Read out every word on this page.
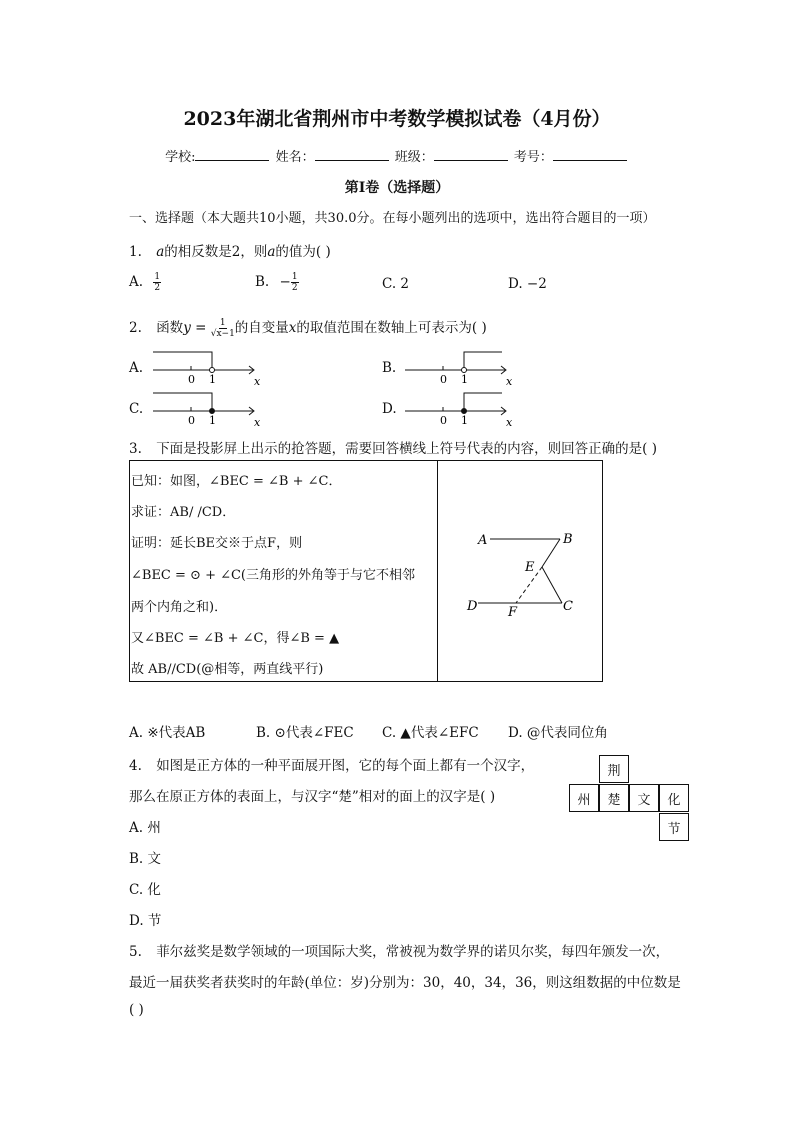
2023年湖北省荆州市中考数学模拟试卷（4月份）
学校:	姓名：	班级：	考号：
第Ⅰ卷（选择题）
一、选择题（本大题共10小题，共30.0分。在每小题列出的选项中，选出符合题目的一项）
1. a的相反数是2，则a的值为( )
A. $\frac{1}{2}$	B. − $\frac{1}{2}$	C. 2	D. −2
2. 函数$y = \frac{1}{√x-1}$ 的自变量x的取值范围在数轴上可表示为( )
A.	B.
C.	D.
0 1	x	0 1	x
0 1	x	0 1	x
3. 下面是投影屏上出示的抢答题，需要回答横线上符号代表的内容，则回答正确的是( )
已知：如图，∠BEC = ∠B + ∠C．
求证：AB/ /CD．
证明：延长BE交※于点F，则
∠BEC = ⊙ + ∠C(三角形的外角等于与它不相邻
两个内角之和)．
又∠BEC = ∠B + ∠C，得∠B = ▲
故 AB//CD(@相等，两直线平行)
A	B
E
D F	C
A. ※代表AB	B. ⊙代表∠FEC C. ▲代表∠EFC D. @代表同位角
4. 如图是正方体的一种平面展开图，它的每个面上都有一个汉字，
那么在原正方体的表面上，与汉字“楚”相对的面上的汉字是( )
荆
州	楚	文	化
节
A. 州
B. 文
C. 化
D. 节
5. 菲尔兹奖是数学领域的一项国际大奖，常被视为数学界的诺贝尔奖，每四年颁发一次，
最近一届获奖者获奖时的年龄(单位：岁)分别为：30，40，34，36，则这组数据的中位数是
( )
